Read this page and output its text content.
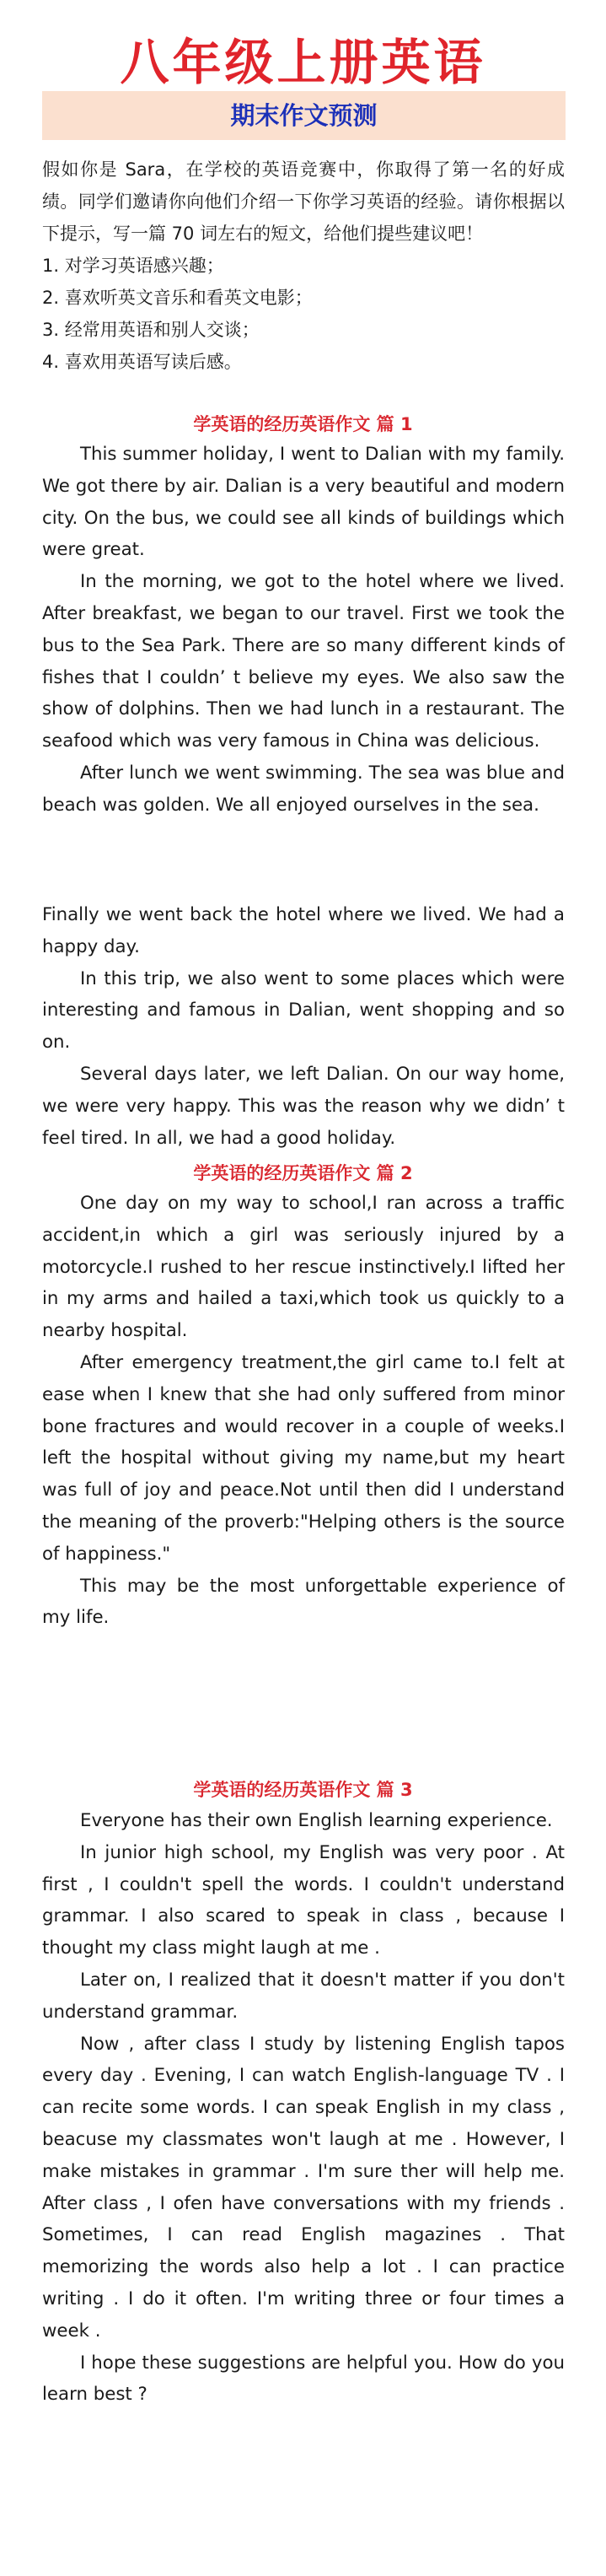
八年级上册英语
期末作文预测

假如你是 Sara，在学校的英语竞赛中，你取得了第一名的好成绩。同学们邀请你向他们介绍一下你学习英语的经验。请你根据以下提示，写一篇 70 词左右的短文，给他们提些建议吧！

1. 对学习英语感兴趣；
2. 喜欢听英文音乐和看英文电影；
3. 经常用英语和别人交谈；
4. 喜欢用英语写读后感。
学英语的经历英语作文 篇 1

This summer holiday, I went to Dalian with my family. We got there by air. Dalian is a very beautiful and modern city. On the bus, we could see all kinds of buildings which were great.

In the morning, we got to the hotel where we lived. After breakfast, we began to our travel. First we took the bus to the Sea Park. There are so many different kinds of fishes that I couldn’ t believe my eyes. We also saw the show of dolphins. Then we had lunch in a restaurant. The seafood which was very famous in China was delicious.

After lunch we went swimming. The sea was blue and beach was golden. We all enjoyed ourselves in the sea.

Finally we went back the hotel where we lived. We had a happy day.

In this trip, we also went to some places which were interesting and famous in Dalian, went shopping and so on.

Several days later, we left Dalian. On our way home, we were very happy. This was the reason why we didn’ t feel tired. In all, we had a good holiday.

学英语的经历英语作文 篇 2

One day on my way to school,I ran across a traffic accident,in which a girl was seriously injured by a motorcycle.I rushed to her rescue instinctively.I lifted her in my arms and hailed a taxi,which took us quickly to a nearby hospital.

After emergency treatment,the girl came to.I felt at ease when I knew that she had only suffered from minor bone fractures and would recover in a couple of weeks.I left the hospital without giving my name,but my heart was full of joy and peace.Not until then did I understand the meaning of the proverb:"Helping others is the source of happiness."

This may be the most unforgettable experience of my life.

学英语的经历英语作文 篇 3

Everyone has their own English learning experience.

In junior high school, my English was very poor . At first , I couldn't spell the words. I couldn't understand grammar. I also scared to speak in class , because I thought my class might laugh at me .

Later on, I realized that it doesn't matter if you don't understand grammar.

Now , after class I study by listening English tapos every day . Evening, I can watch English-language TV . I can recite some words. I can speak English in my class , beacuse my classmates won't laugh at me . However, I make mistakes in grammar . I'm sure ther will help me. After class , I ofen have conversations with my friends . Sometimes, I can read English magazines . That memorizing the words also help a lot . I can practice writing . I do it often. I'm writing three or four times a week .

I hope these suggestions are helpful you. How do you learn best ?
